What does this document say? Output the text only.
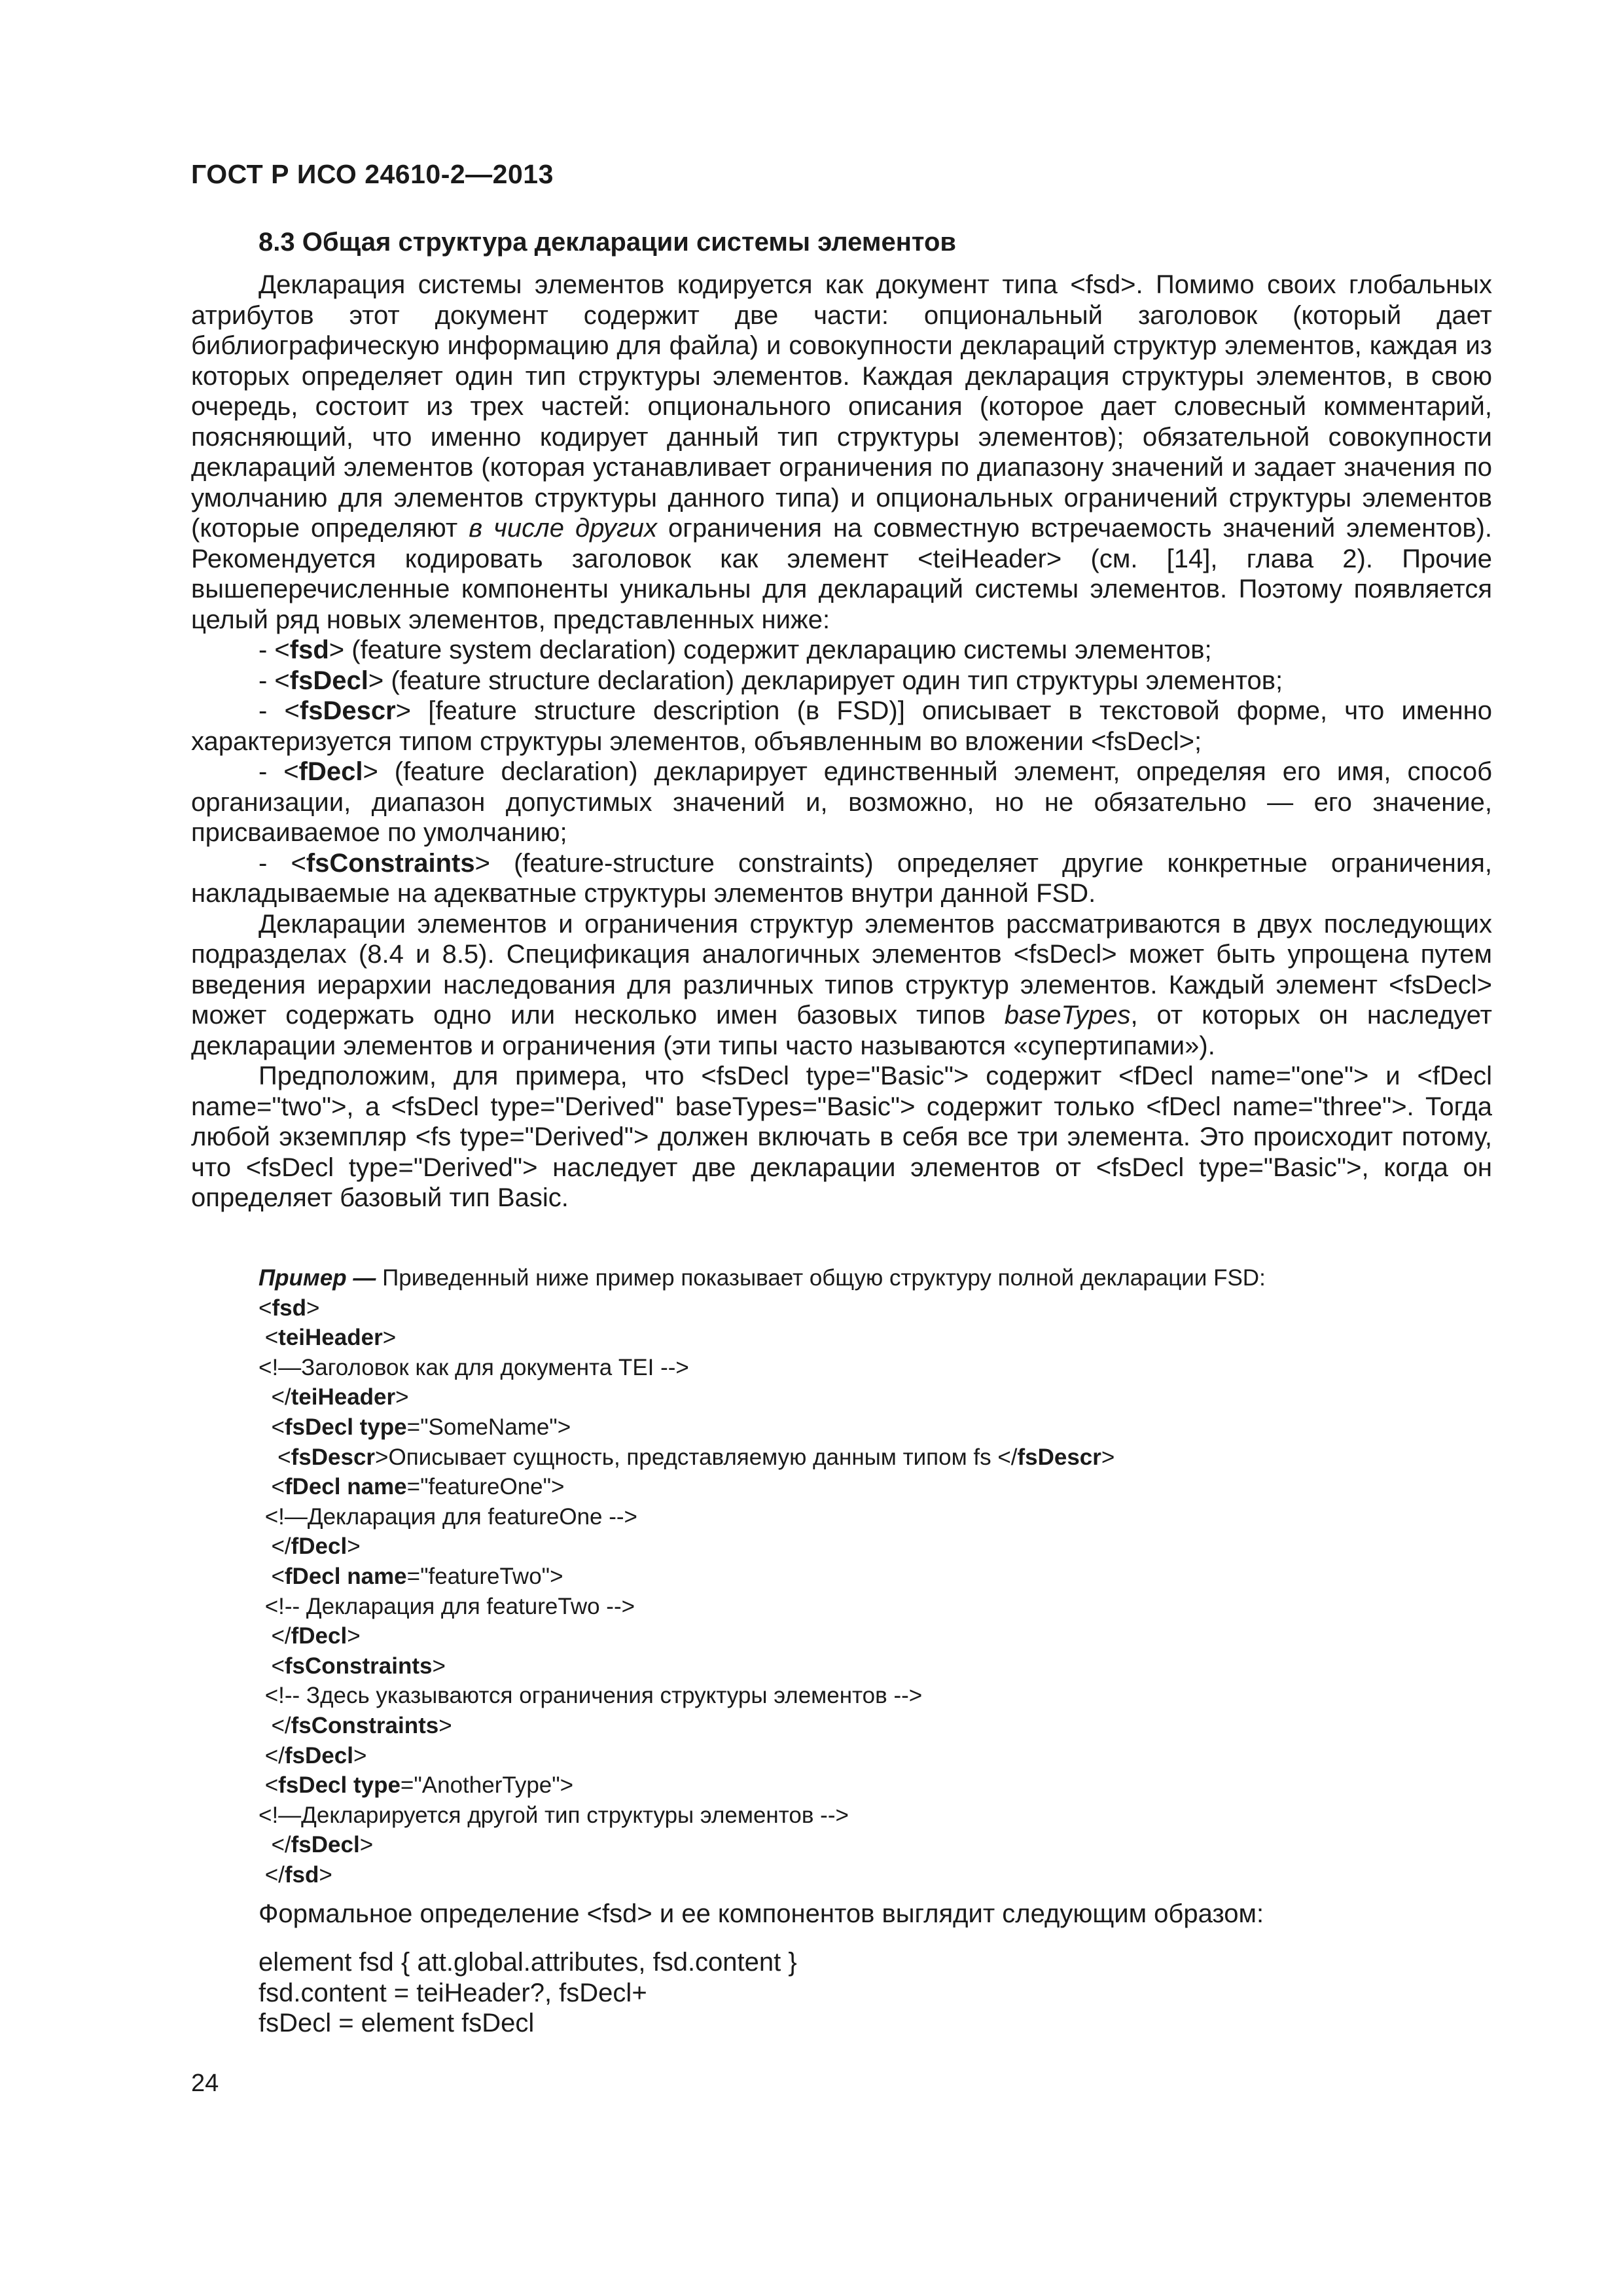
ГОСТ Р ИСО 24610-2—2013

8.3 Общая структура декларации системы элементов

Декларация системы элементов кодируется как документ типа <fsd>. Помимо своих глобальных атрибутов этот документ содержит две части: опциональный заголовок (который дает библиографическую информацию для файла) и совокупности деклараций структур элементов, каждая из которых определяет один тип структуры элементов. Каждая декларация структуры элементов, в свою очередь, состоит из трех частей: опционального описания (которое дает словесный комментарий, поясняющий, что именно кодирует данный тип структуры элементов); обязательной совокупности деклараций элементов (которая устанавливает ограничения по диапазону значений и задает значения по умолчанию для элементов структуры данного типа) и опциональных ограничений структуры элементов (которые определяют в числе других ограничения на совместную встречаемость значений элементов). Рекомендуется кодировать заголовок как элемент <teiHeader> (см. [14], глава 2). Прочие вышеперечисленные компоненты уникальны для деклараций системы элементов. Поэтому появляется целый ряд новых элементов, представленных ниже:

- <fsd> (feature system declaration) содержит декларацию системы элементов;

- <fsDecl> (feature structure declaration) декларирует один тип структуры элементов;

- <fsDescr> [feature structure description (в FSD)] описывает в текстовой форме, что именно характеризуется типом структуры элементов, объявленным во вложении <fsDecl>;

- <fDecl> (feature declaration) декларирует единственный элемент, определяя его имя, способ организации, диапазон допустимых значений и, возможно, но не обязательно — его значение, присваиваемое по умолчанию;

- <fsConstraints> (feature-structure constraints) определяет другие конкретные ограничения, накладываемые на адекватные структуры элементов внутри данной FSD.

Декларации элементов и ограничения структур элементов рассматриваются в двух последующих подразделах (8.4 и 8.5). Спецификация аналогичных элементов <fsDecl> может быть упрощена путем введения иерархии наследования для различных типов структур элементов. Каждый элемент <fsDecl> может содержать одно или несколько имен базовых типов baseTypes, от которых он наследует декларации элементов и ограничения (эти типы часто называются «супертипами»).

Предположим, для примера, что <fsDecl type="Basic"> содержит <fDecl name="one"> и <fDecl name="two">, а <fsDecl type="Derived" baseTypes="Basic"> содержит только <fDecl name="three">. Тогда любой экземпляр <fs type="Derived"> должен включать в себя все три элемента. Это происходит потому, что <fsDecl type="Derived"> наследует две декларации элементов от <fsDecl type="Basic">, когда он определяет базовый тип Basic.

Пример — Приведенный ниже пример показывает общую структуру полной декларации FSD:

<fsd>

<teiHeader>

<!—Заголовок как для документа TEI -->

</teiHeader>

<fsDecl type="SomeName">

<fsDescr>Описывает сущность, представляемую данным типом fs </fsDescr>

<fDecl name="featureOne">

<!—Декларация для featureOne -->

</fDecl>

<fDecl name="featureTwo">

<!-- Декларация для featureTwo -->

</fDecl>

<fsConstraints>

<!-- Здесь указываются ограничения структуры элементов -->

</fsConstraints>

</fsDecl>

<fsDecl type="AnotherType">

<!—Декларируется другой тип структуры элементов -->

</fsDecl>

</fsd>

Формальное определение <fsd> и ее компонентов выглядит следующим образом:

element fsd { att.global.attributes, fsd.content }

fsd.content = teiHeader?, fsDecl+

fsDecl = element fsDecl

24
